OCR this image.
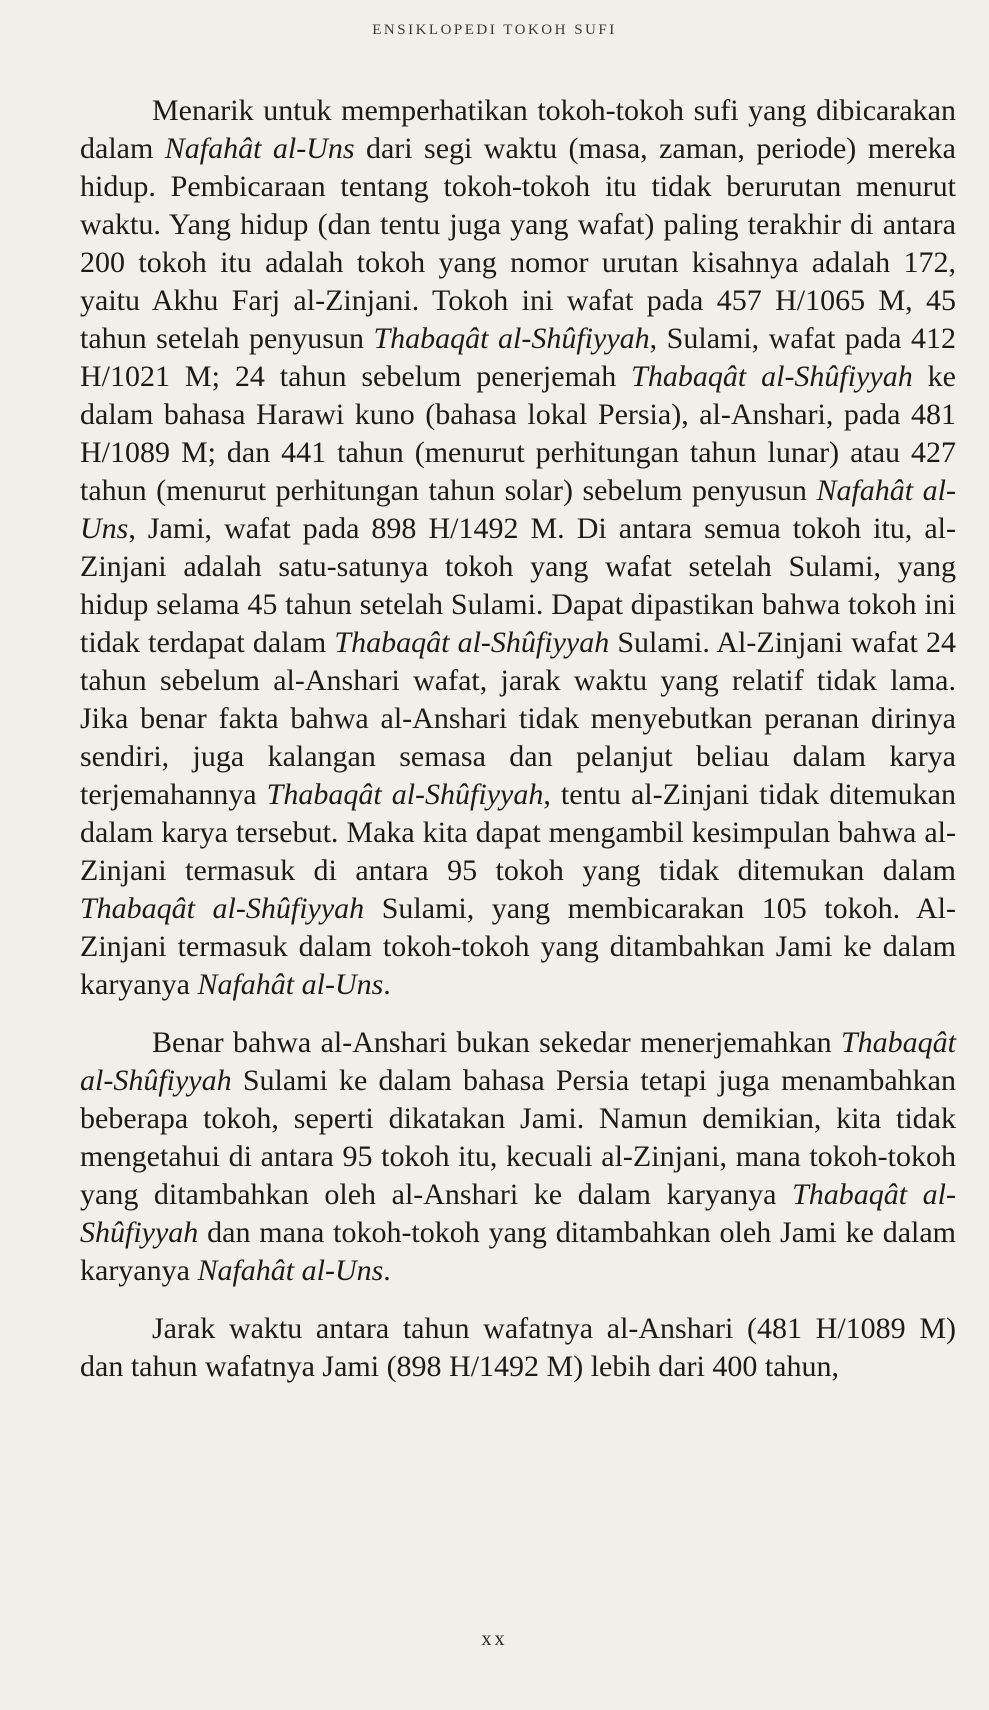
ENSIKLOPEDI TOKOH SUFI

Menarik untuk memperhatikan tokoh-tokoh sufi yang dibicarakan dalam Nafahât al-Uns dari segi waktu (masa, zaman, periode) mereka hidup. Pembicaraan tentang tokoh-tokoh itu tidak berurutan menurut waktu. Yang hidup (dan tentu juga yang wafat) paling terakhir di antara 200 tokoh itu adalah tokoh yang nomor urutan kisahnya adalah 172, yaitu Akhu Farj al-Zinjani. Tokoh ini wafat pada 457 H/1065 M, 45 tahun setelah penyusun Thabaqât al-Shûfiyyah, Sulami, wafat pada 412 H/1021 M; 24 tahun sebelum penerjemah Thabaqât al-Shûfiyyah ke dalam bahasa Harawi kuno (bahasa lokal Persia), al-Anshari, pada 481 H/1089 M; dan 441 tahun (menurut perhitungan tahun lunar) atau 427 tahun (menurut perhitungan tahun solar) sebelum penyusun Nafahât al-Uns, Jami, wafat pada 898 H/1492 M. Di antara semua tokoh itu, al-Zinjani adalah satu-satunya tokoh yang wafat setelah Sulami, yang hidup selama 45 tahun setelah Sulami. Dapat dipastikan bahwa tokoh ini tidak terdapat dalam Thabaqât al-Shûfiyyah Sulami. Al-Zinjani wafat 24 tahun sebelum al-Anshari wafat, jarak waktu yang relatif tidak lama. Jika benar fakta bahwa al-Anshari tidak menyebutkan peranan dirinya sendiri, juga kalangan semasa dan pelanjut beliau dalam karya terjemahannya Thabaqât al-Shûfiyyah, tentu al-Zinjani tidak ditemukan dalam karya tersebut. Maka kita dapat mengambil kesimpulan bahwa al-Zinjani termasuk di antara 95 tokoh yang tidak ditemukan dalam Thabaqât al-Shûfiyyah Sulami, yang membicarakan 105 tokoh. Al-Zinjani termasuk dalam tokoh-tokoh yang ditambahkan Jami ke dalam karyanya Nafahât al-Uns.

Benar bahwa al-Anshari bukan sekedar menerjemahkan Thabaqât al-Shûfiyyah Sulami ke dalam bahasa Persia tetapi juga menambahkan beberapa tokoh, seperti dikatakan Jami. Namun demikian, kita tidak mengetahui di antara 95 tokoh itu, kecuali al-Zinjani, mana tokoh-tokoh yang ditambahkan oleh al-Anshari ke dalam karyanya Thabaqât al-Shûfiyyah dan mana tokoh-tokoh yang ditambahkan oleh Jami ke dalam karyanya Nafahât al-Uns.

Jarak waktu antara tahun wafatnya al-Anshari (481 H/1089 M) dan tahun wafatnya Jami (898 H/1492 M) lebih dari 400 tahun,

xx
